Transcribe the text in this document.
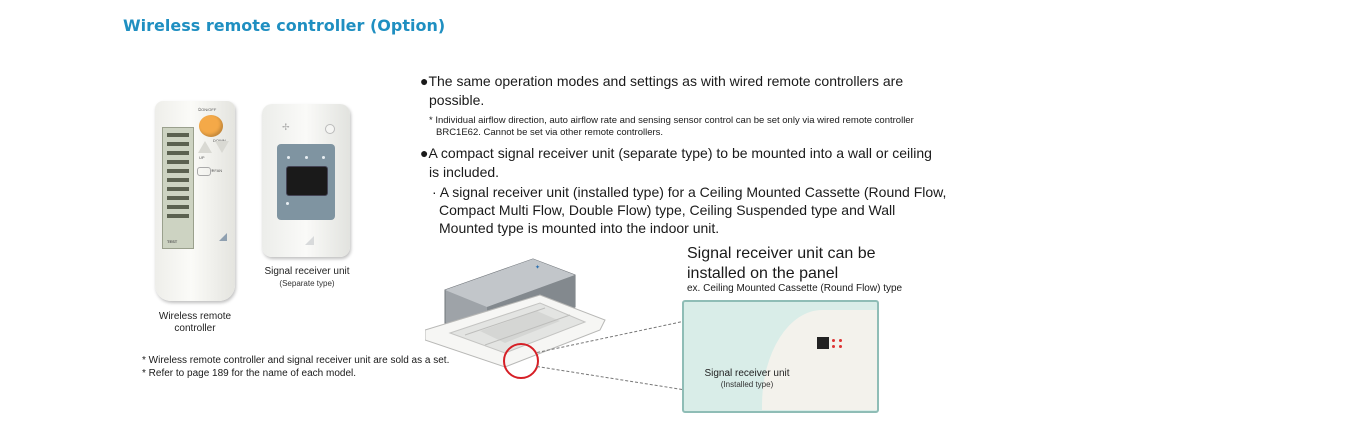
Wireless remote controller (Option)
⏻ON/OFF
DOWN
UP
❄FAN
TEST
Wireless remote
controller
✢
Signal receiver unit
(Separate type)
●The same operation modes and settings as with wired remote controllers are
possible.
* Individual airflow direction, auto airflow rate and sensing sensor control can be set only via wired remote controller
BRC1E62. Cannot be set via other remote controllers.
●A compact signal receiver unit (separate type) to be mounted into a wall or ceiling
is included.
· A signal receiver unit (installed type) for a Ceiling Mounted Cassette (Round Flow,
Compact Multi Flow, Double Flow) type, Ceiling Suspended type and Wall
Mounted type is mounted into the indoor unit.
✦
Signal receiver unit can be
installed on the panel
ex. Ceiling Mounted Cassette (Round Flow) type
Signal receiver unit
(Installed type)
* Wireless remote controller and signal receiver unit are sold as a set.
* Refer to page 189 for the name of each model.
